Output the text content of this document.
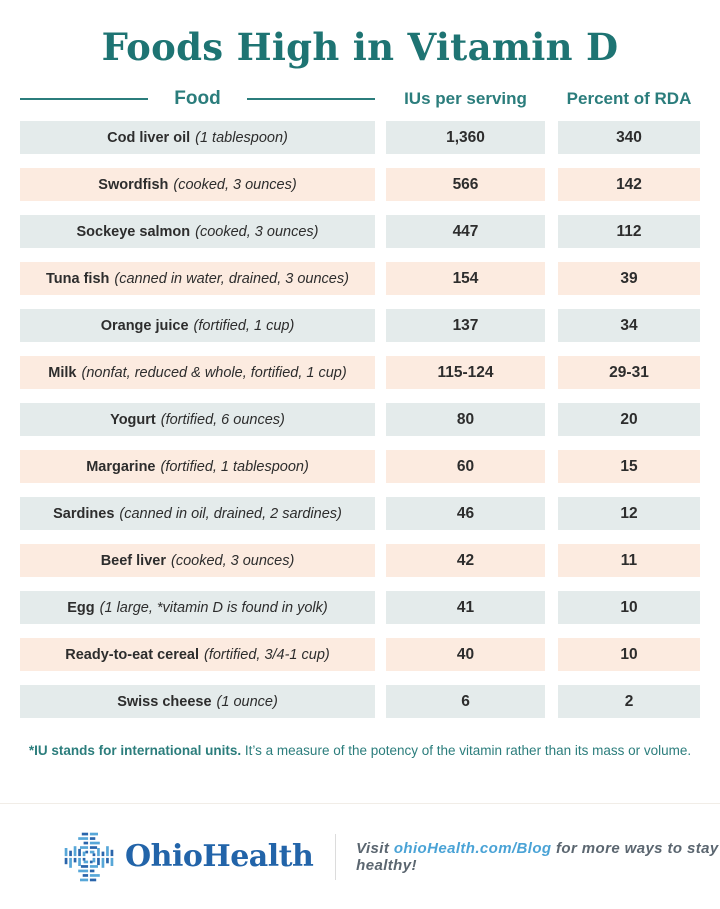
Foods High in Vitamin D
Food	IUs per serving	Percent of RDA
Cod liver oil (1 tablespoon)	1,360	340
Swordfish (cooked, 3 ounces)	566	142
Sockeye salmon (cooked, 3 ounces)	447	112
Tuna fish (canned in water, drained, 3 ounces)	154	39
Orange juice (fortified, 1 cup)	137	34
Milk (nonfat, reduced & whole, fortified, 1 cup)	115-124	29-31
Yogurt (fortified, 6 ounces)	80	20
Margarine (fortified, 1 tablespoon)	60	15
Sardines (canned in oil, drained, 2 sardines)	46	12
Beef liver (cooked, 3 ounces)	42	11
Egg (1 large, *vitamin D is found in yolk)	41	10
Ready-to-eat cereal (fortified, 3/4-1 cup)	40	10
Swiss cheese (1 ounce)	6	2
*IU stands for international units. It’s a measure of the potency of the vitamin rather than its mass or volume.
OhioHealth	Visit ohioHealth.com/Blog for more ways to stay healthy!
